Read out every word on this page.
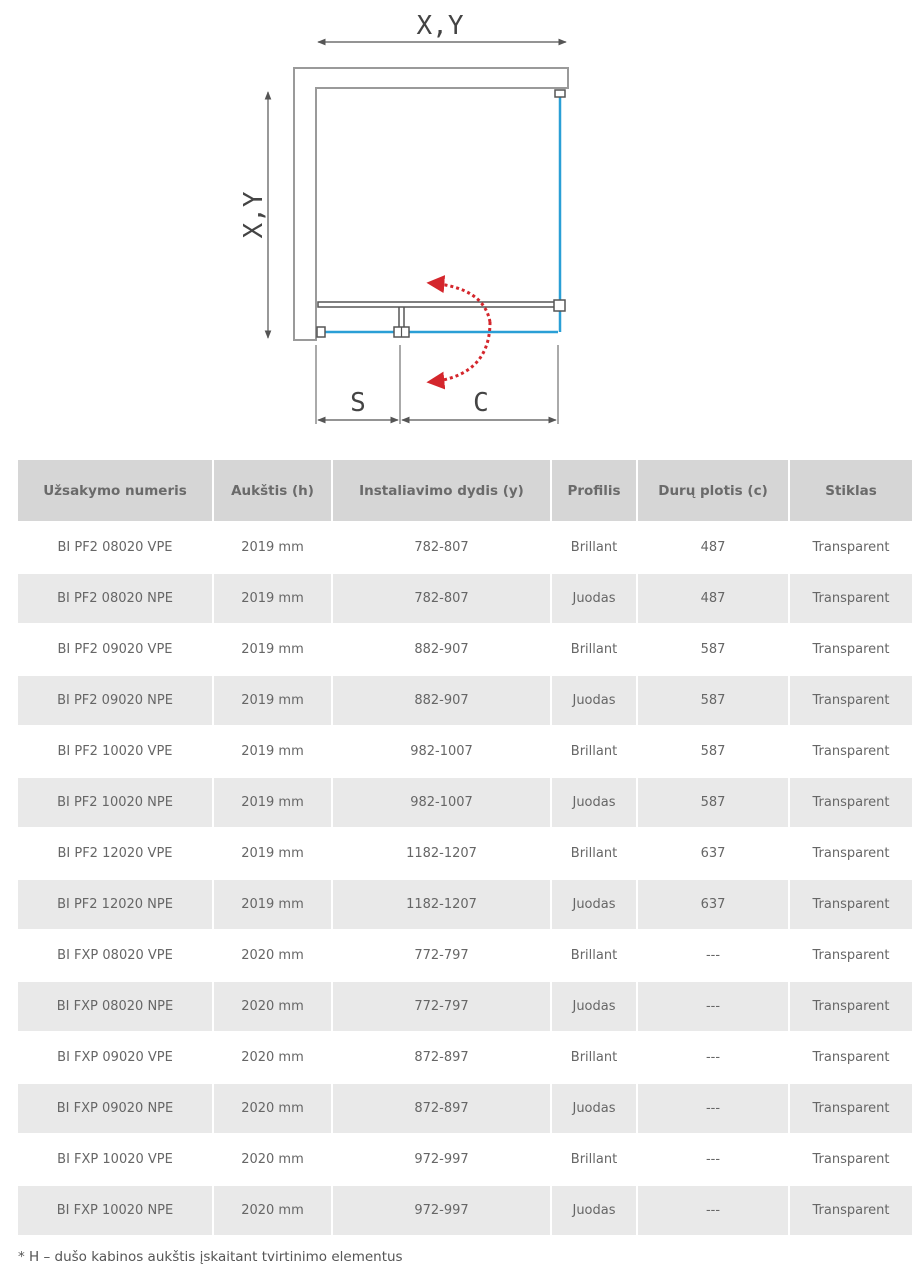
X,Y
X,Y
S	C
Užsakymo numeris	Aukštis (h)	Instaliavimo dydis (y)	Profilis	Durų plotis (c)	Stiklas
BI PF2 08020 VPE	2019 mm	782-807	Brillant	487	Transparent
BI PF2 08020 NPE	2019 mm	782-807	Juodas	487	Transparent
BI PF2 09020 VPE	2019 mm	882-907	Brillant	587	Transparent
BI PF2 09020 NPE	2019 mm	882-907	Juodas	587	Transparent
BI PF2 10020 VPE	2019 mm	982-1007	Brillant	587	Transparent
BI PF2 10020 NPE	2019 mm	982-1007	Juodas	587	Transparent
BI PF2 12020 VPE	2019 mm	1182-1207	Brillant	637	Transparent
BI PF2 12020 NPE	2019 mm	1182-1207	Juodas	637	Transparent
BI FXP 08020 VPE	2020 mm	772-797	Brillant	---	Transparent
BI FXP 08020 NPE	2020 mm	772-797	Juodas	---	Transparent
BI FXP 09020 VPE	2020 mm	872-897	Brillant	---	Transparent
BI FXP 09020 NPE	2020 mm	872-897	Juodas	---	Transparent
BI FXP 10020 VPE	2020 mm	972-997	Brillant	---	Transparent
BI FXP 10020 NPE	2020 mm	972-997	Juodas	---	Transparent
* H – dušo kabinos aukštis įskaitant tvirtinimo elementus
